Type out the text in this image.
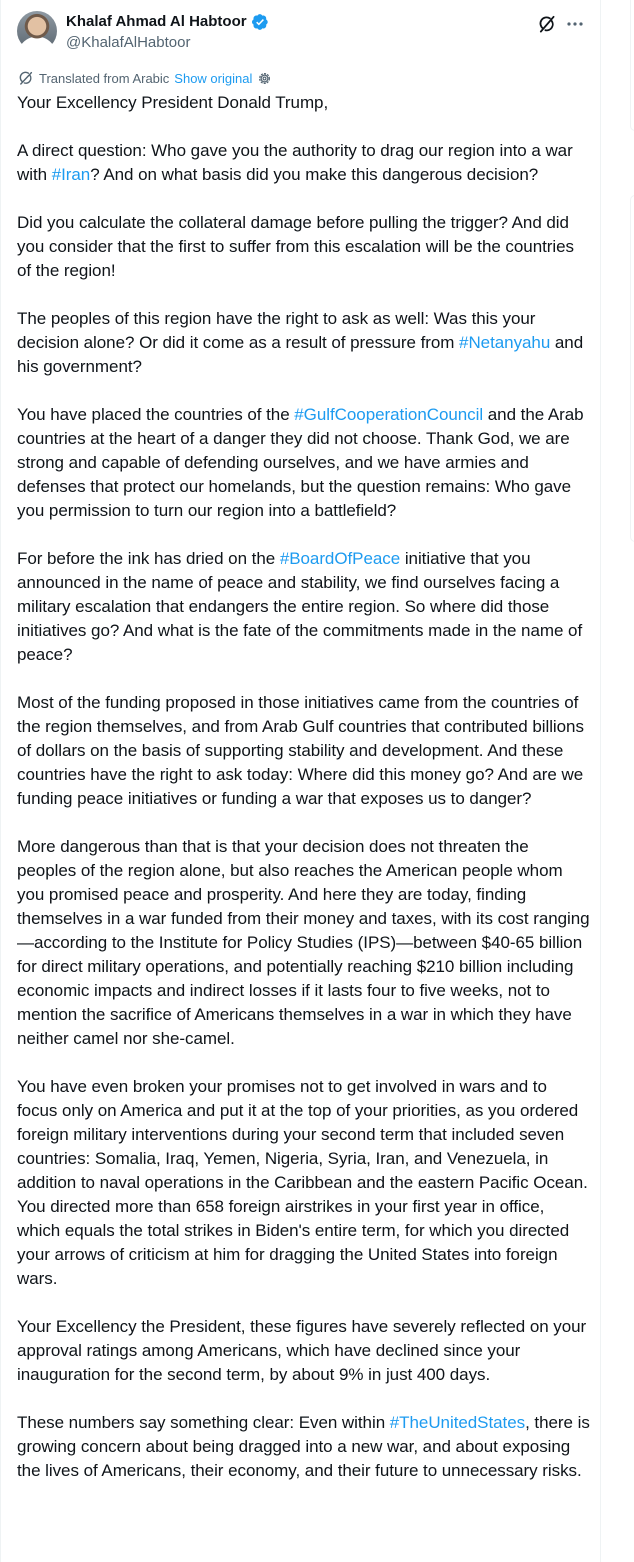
Khalaf Ahmad Al Habtoor
@KhalafAlHabtoor
Translated from Arabic Show original

Your Excellency President Donald Trump,

A direct question: Who gave you the authority to drag our region into a war with #Iran? And on what basis did you make this dangerous decision?

Did you calculate the collateral damage before pulling the trigger? And did you consider that the first to suffer from this escalation will be the countries of the region!

The peoples of this region have the right to ask as well: Was this your decision alone? Or did it come as a result of pressure from #Netanyahu and his government?

You have placed the countries of the #GulfCooperationCouncil and the Arab countries at the heart of a danger they did not choose. Thank God, we are strong and capable of defending ourselves, and we have armies and defenses that protect our homelands, but the question remains: Who gave you permission to turn our region into a battlefield?

For before the ink has dried on the #BoardOfPeace initiative that you announced in the name of peace and stability, we find ourselves facing a military escalation that endangers the entire region. So where did those initiatives go? And what is the fate of the commitments made in the name of peace?

Most of the funding proposed in those initiatives came from the countries of the region themselves, and from Arab Gulf countries that contributed billions of dollars on the basis of supporting stability and development. And these countries have the right to ask today: Where did this money go? And are we funding peace initiatives or funding a war that exposes us to danger?

More dangerous than that is that your decision does not threaten the peoples of the region alone, but also reaches the American people whom you promised peace and prosperity. And here they are today, finding themselves in a war funded from their money and taxes, with its cost ranging—according to the Institute for Policy Studies (IPS)—between $40-65 billion for direct military operations, and potentially reaching $210 billion including economic impacts and indirect losses if it lasts four to five weeks, not to mention the sacrifice of Americans themselves in a war in which they have neither camel nor she-camel.

You have even broken your promises not to get involved in wars and to focus only on America and put it at the top of your priorities, as you ordered foreign military interventions during your second term that included seven countries: Somalia, Iraq, Yemen, Nigeria, Syria, Iran, and Venezuela, in addition to naval operations in the Caribbean and the eastern Pacific Ocean. You directed more than 658 foreign airstrikes in your first year in office, which equals the total strikes in Biden's entire term, for which you directed your arrows of criticism at him for dragging the United States into foreign wars.

Your Excellency the President, these figures have severely reflected on your approval ratings among Americans, which have declined since your inauguration for the second term, by about 9% in just 400 days.

These numbers say something clear: Even within #TheUnitedStates, there is growing concern about being dragged into a new war, and about exposing the lives of Americans, their economy, and their future to unnecessary risks.
